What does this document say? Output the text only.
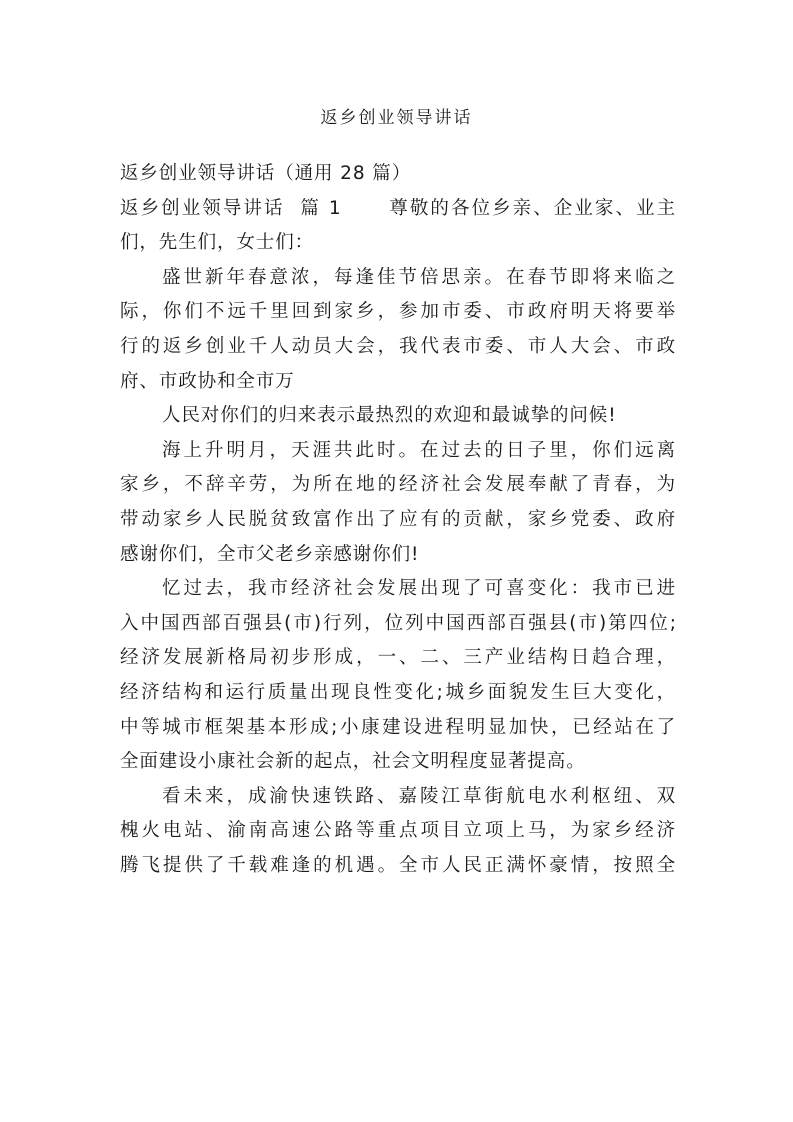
返乡创业领导讲话

返乡创业领导讲话（通用 28 篇）

返乡创业领导讲话  篇 1      尊敬的各位乡亲、企业家、业主

们，先生们，女士们：

盛世新年春意浓，每逢佳节倍思亲。在春节即将来临之

际，你们不远千里回到家乡，参加市委、市政府明天将要举

行的返乡创业千人动员大会，我代表市委、市人大会、市政

府、市政协和全市万

人民对你们的归来表示最热烈的欢迎和最诚挚的问候!

海上升明月，天涯共此时。在过去的日子里，你们远离

家乡，不辞辛劳，为所在地的经济社会发展奉献了青春，为

带动家乡人民脱贫致富作出了应有的贡献，家乡党委、政府

感谢你们，全市父老乡亲感谢你们!

忆过去，我市经济社会发展出现了可喜变化：我市已进

入中国西部百强县(市)行列，位列中国西部百强县(市)第四位;

经济发展新格局初步形成，一、二、三产业结构日趋合理，

经济结构和运行质量出现良性变化;城乡面貌发生巨大变化，

中等城市框架基本形成;小康建设进程明显加快，已经站在了

全面建设小康社会新的起点，社会文明程度显著提高。

看未来，成渝快速铁路、嘉陵江草街航电水利枢纽、双

槐火电站、渝南高速公路等重点项目立项上马，为家乡经济

腾飞提供了千载难逢的机遇。全市人民正满怀豪情，按照全
